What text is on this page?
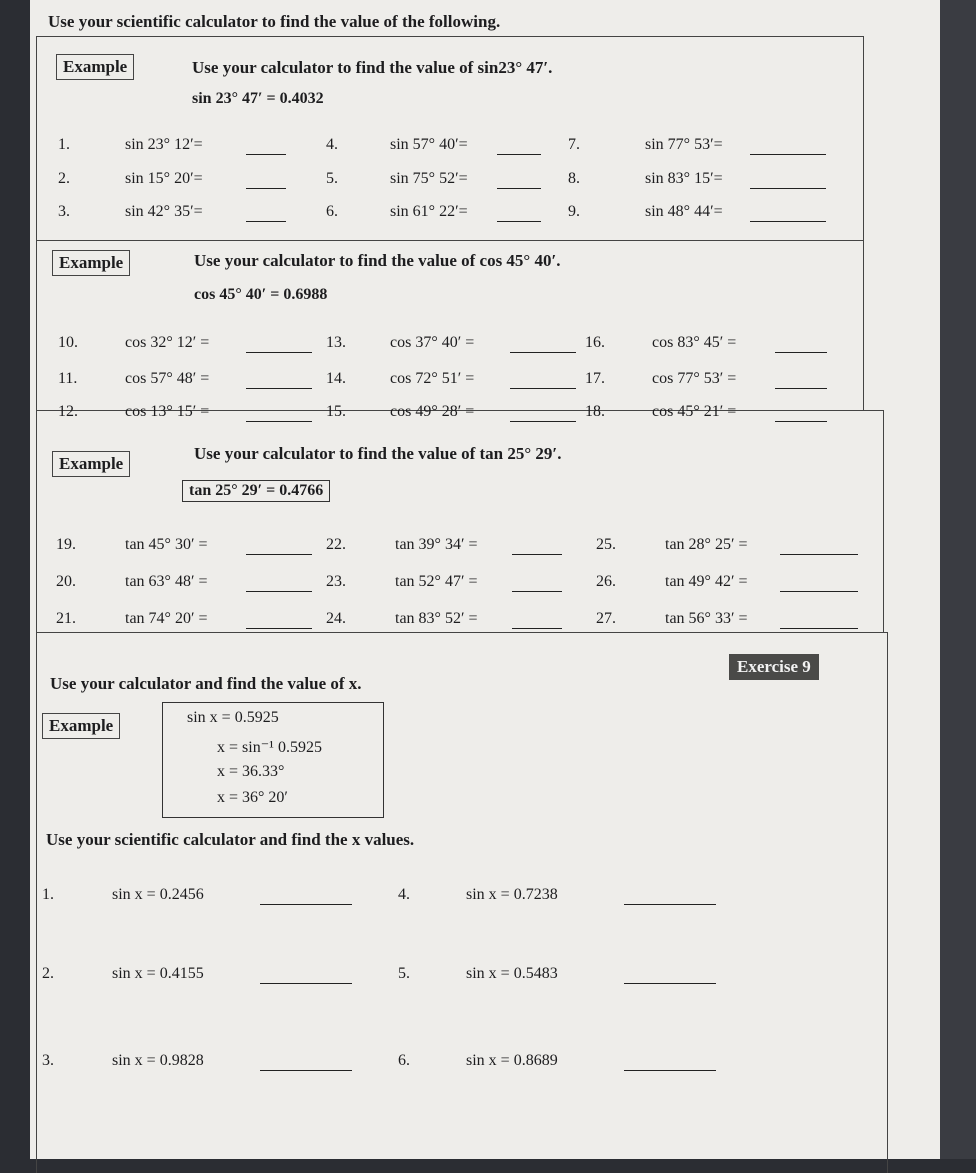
Use your scientific calculator to find the value of the following.
Example	Use your calculator to find the value of sin23° 47′.
sin 23° 47′ = 0.4032
1.	sin 23° 12′=	4.	sin 57° 40′=	7.	sin 77° 53′=
2.	sin 15° 20′=	5.	sin 75° 52′=	8.	sin 83° 15′=
3.	sin 42° 35′=	6.	sin 61° 22′=	9.	sin 48° 44′=
Example	Use your calculator to find the value of cos 45° 40′.
cos 45° 40′ = 0.6988
10.	cos 32° 12′ =	13.	cos 37° 40′ =	16.	cos 83° 45′ =
11.	cos 57° 48′ =	14.	cos 72° 51′ =	17.	cos 77° 53′ =
12.	cos 13° 15′ =	15.	cos 49° 28′ =	18.	cos 45° 21′ =
Example
Use your calculator to find the value of tan 25° 29′.
tan 25° 29′ = 0.4766
19.	tan 45° 30′ =	22.	tan 39° 34′ =	25.	tan 28° 25′ =
20.	tan 63° 48′ =	23.	tan 52° 47′ =	26.	tan 49° 42′ =
21.	tan 74° 20′ =	24.	tan 83° 52′ =	27.	tan 56° 33′ =
Use your calculator and find the value of x.
Exercise 9
Example	sin x = 0.5925
x = sin⁻¹ 0.5925
x = 36.33°
x = 36° 20′
Use your scientific calculator and find the x values.
1.	sin x = 0.2456	4.	sin x = 0.7238
2.	sin x = 0.4155	5.	sin x = 0.5483
3.	sin x = 0.9828	6.	sin x = 0.8689
